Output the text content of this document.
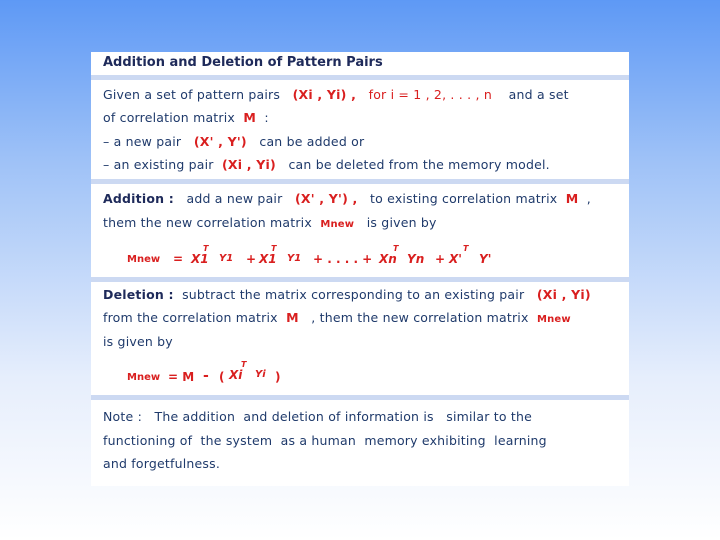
Addition and Deletion of Pattern Pairs
Given a set of pattern pairs (Xi , Yi) , for i = 1 , 2, . . . , n and a set
of correlation matrix M :
– a new pair (X' , Y') can be added or
– an existing pair (Xi , Yi) can be deleted from the memory model.
Addition : add a new pair (X' , Y') , to existing correlation matrix M ,
them the new correlation matrix Mnew is given by
Mnew = X1
T
Y1 + X1
T
Y1 + . . . . + Xn
T
Yn + X'
T
Y'
Deletion : subtract the matrix corresponding to an existing pair (Xi , Yi)
from the correlation matrix M , them the new correlation matrix Mnew
is given by
Mnew = M - ( Xi
T
Yi )
Note :   The addition  and deletion of information is   similar to the
functioning of  the system  as a human  memory exhibiting  learning
and forgetfulness.
